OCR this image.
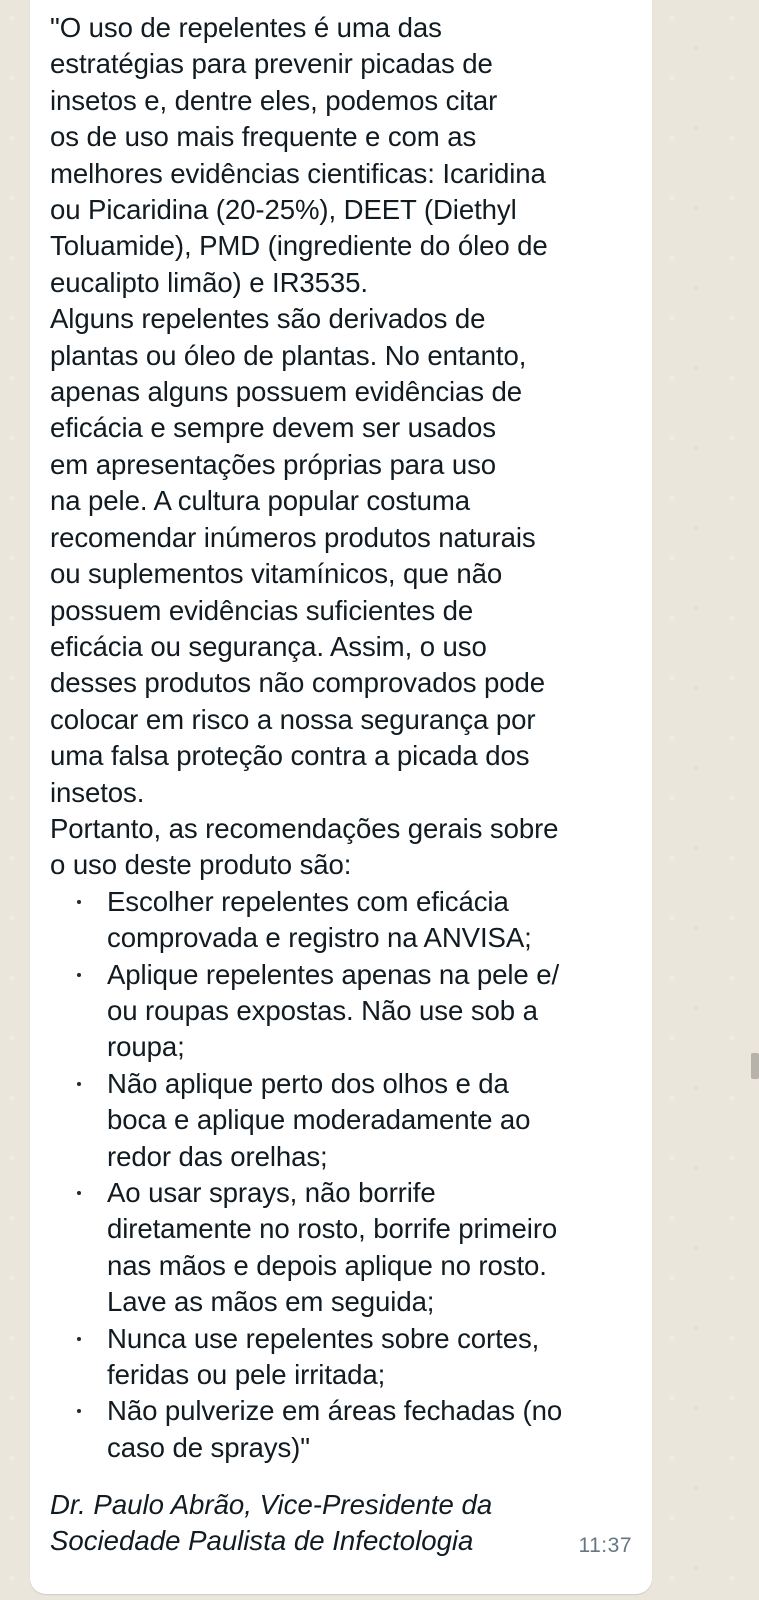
"O uso de repelentes é uma das
estratégias para prevenir picadas de
insetos e, dentre eles, podemos citar
os de uso mais frequente e com as
melhores evidências cientificas: Icaridina
ou Picaridina (20-25%), DEET (Diethyl
Toluamide), PMD (ingrediente do óleo de
eucalipto limão) e IR3535.

Alguns repelentes são derivados de
plantas ou óleo de plantas. No entanto,
apenas alguns possuem evidências de
eficácia e sempre devem ser usados
em apresentações próprias para uso
na pele. A cultura popular costuma
recomendar inúmeros produtos naturais
ou suplementos vitamínicos, que não
possuem evidências suficientes de
eficácia ou segurança. Assim, o uso
desses produtos não comprovados pode
colocar em risco a nossa segurança por
uma falsa proteção contra a picada dos
insetos.

Portanto, as recomendações gerais sobre
o uso deste produto são:

Escolher repelentes com eficácia
comprovada e registro na ANVISA;
Aplique repelentes apenas na pele e/
ou roupas expostas. Não use sob a
roupa;
Não aplique perto dos olhos e da
boca e aplique moderadamente ao
redor das orelhas;
Ao usar sprays, não borrife
diretamente no rosto, borrife primeiro
nas mãos e depois aplique no rosto.
Lave as mãos em seguida;
Nunca use repelentes sobre cortes,
feridas ou pele irritada;
Não pulverize em áreas fechadas (no
caso de sprays)"
Dr. Paulo Abrão, Vice-Presidente da
Sociedade Paulista de Infectologia	11:37
